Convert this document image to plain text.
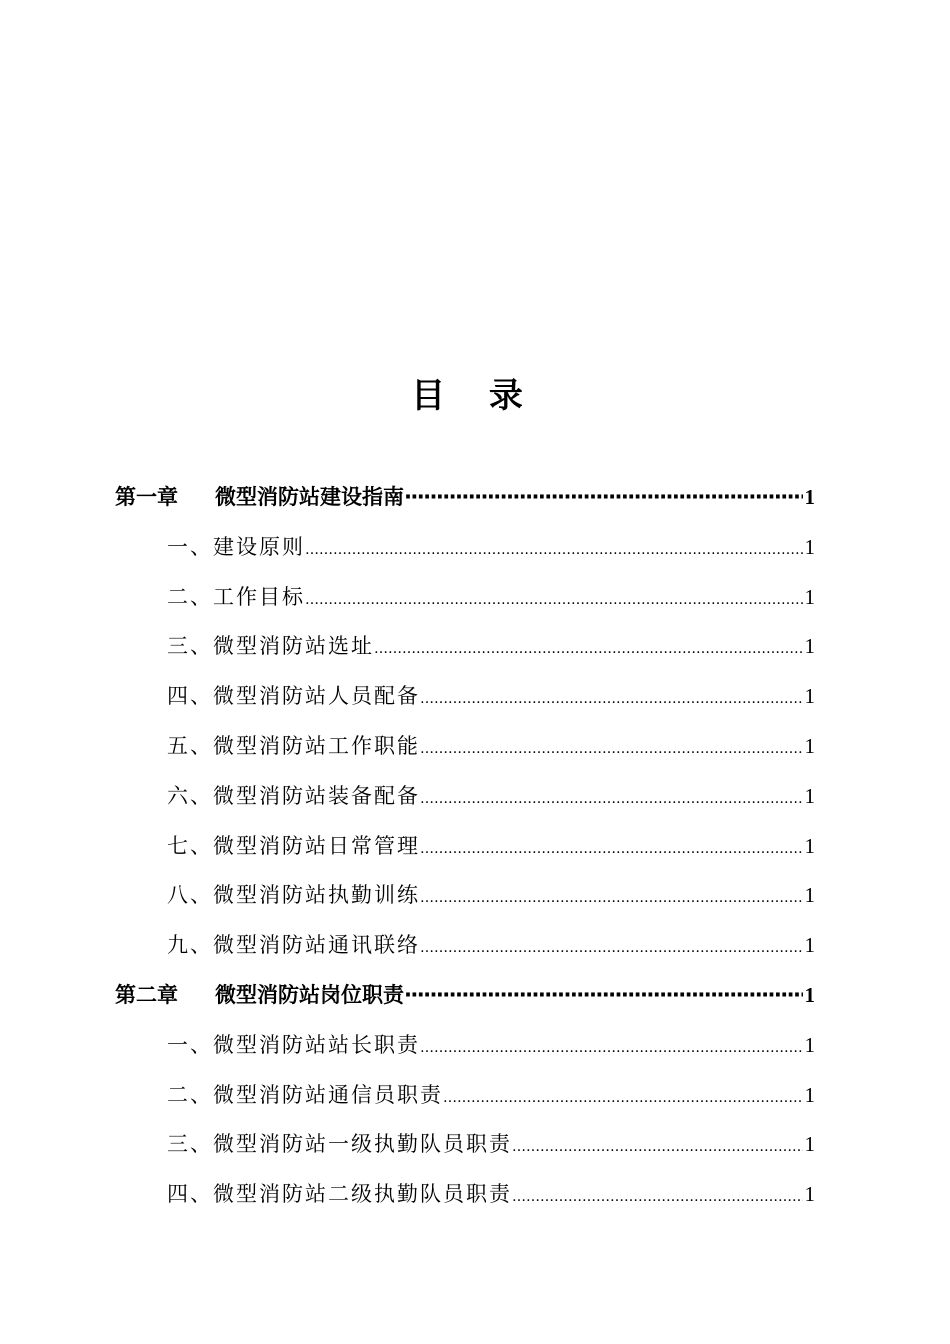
目 录
第一章	微型消防站建设指南 ·····	1
一、建设原则 …………………………………………………………………………………………………………………………………………………………	1
二、工作目标 …………………………………………………………………………………………………………………………………………………………	1
三、微型消防站选址 …………………………………………………………………………………………………………………………………………………………	1
四、微型消防站人员配备 …………………………………………………………………………………………………………………………………………………………	1
五、微型消防站工作职能 …………………………………………………………………………………………………………………………………………………………	1
六、微型消防站装备配备 …………………………………………………………………………………………………………………………………………………………	1
七、微型消防站日常管理 …………………………………………………………………………………………………………………………………………………………	1
八、微型消防站执勤训练 …………………………………………………………………………………………………………………………………………………………	1
九、微型消防站通讯联络 …………………………………………………………………………………………………………………………………………………………	1
第二章	微型消防站岗位职责 ·····	1
一、微型消防站站长职责 …………………………………………………………………………………………………………………………………………………………	1
二、微型消防站通信员职责 …………………………………………………………………………………………………………………………………………………………	1
三、微型消防站一级执勤队员职责 …………………………………………………………………………………………………………………………………………………………	1
四、微型消防站二级执勤队员职责 …………………………………………………………………………………………………………………………………………………………	1
